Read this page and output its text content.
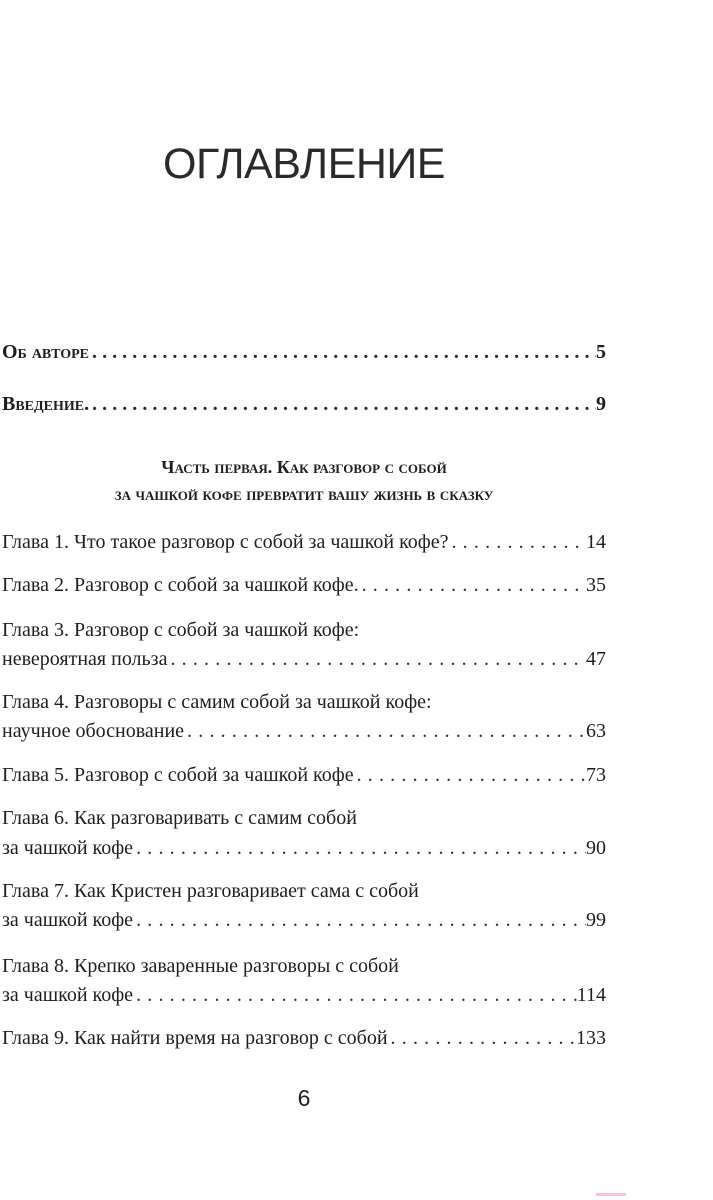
ОГЛАВЛЕНИЕ
Об авторе .....	5
Введение. .....	9
Часть первая. Как разговор с собой
за чашкой кофе превратит вашу жизнь в сказку
Глава 1. Что такое разговор с собой за чашкой кофе? . . .	14
Глава 2. Разговор с собой за чашкой кофе. . . .	35
Глава 3. Разговор с собой за чашкой кофе:
невероятная польза . . .	47
Глава 4. Разговоры с самим собой за чашкой кофе:
научное обоснование . . .	63
Глава 5. Разговор с собой за чашкой кофе . . .	73
Глава 6. Как разговаривать с самим собой
за чашкой кофе . . .	90
Глава 7. Как Кристен разговаривает сама с собой
за чашкой кофе . . .	99
Глава 8. Крепко заваренные разговоры с собой
за чашкой кофе . . .	114
Глава 9. Как найти время на разговор с собой . . .	133
6
